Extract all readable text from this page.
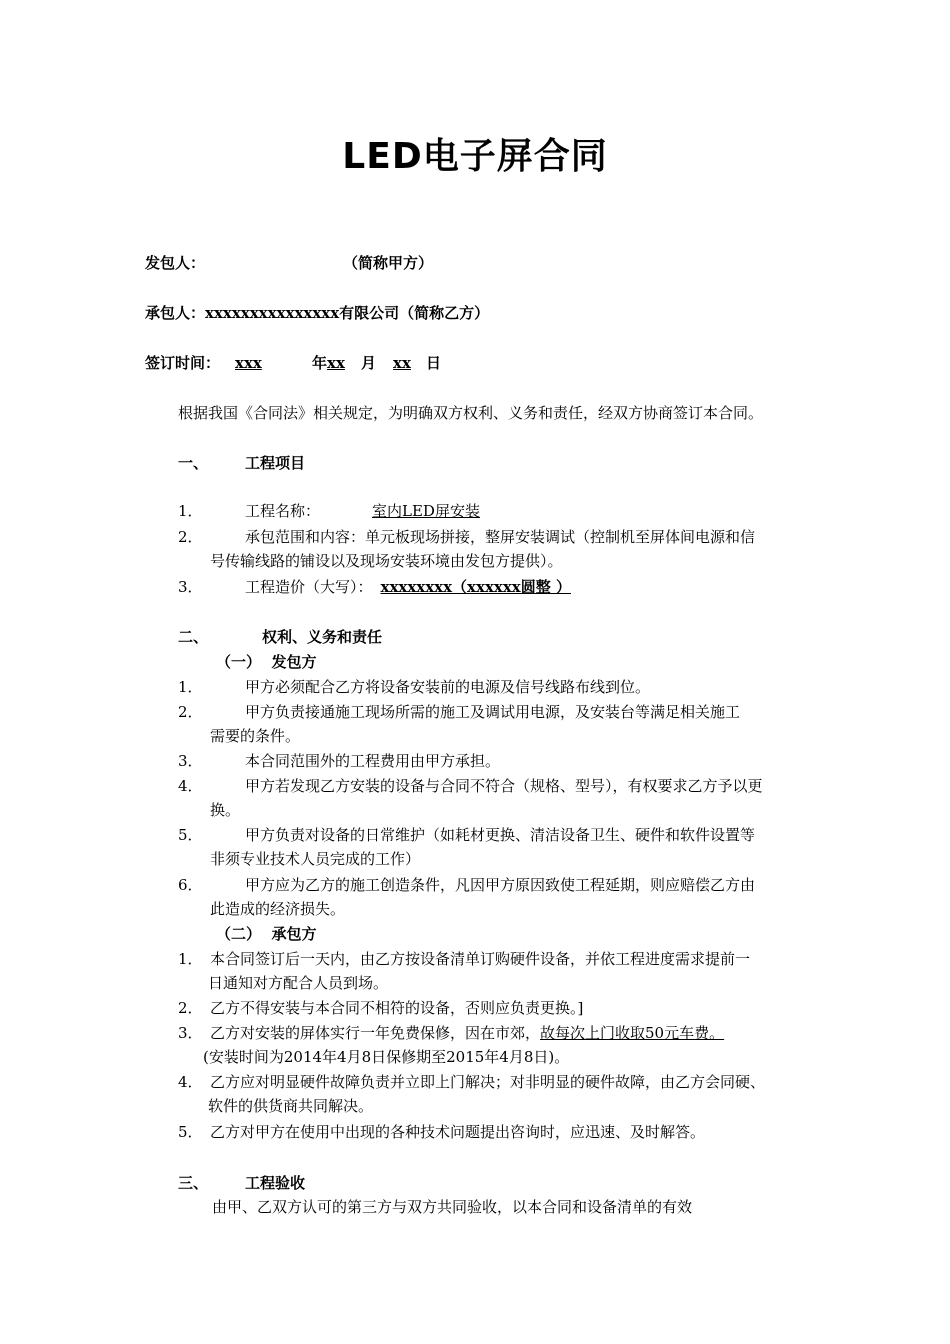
LED电子屏合同
发包人：	（简称甲方）
承包人：xxxxxxxxxxxxxxx有限公司（简称乙方）
签订时间： xxx	年xx 月 xx 日
根据我国《合同法》相关规定，为明确双方权利、义务和责任，经双方协商签订本合同。
一、 工程项目
1．	工程名称：	室内LED屏安装
2．	承包范围和内容：单元板现场拼接，整屏安装调试（控制机至屏体间电源和信
号传输线路的铺设以及现场安装环境由发包方提供）。
3．	工程造价（大写）： xxxxxxxx（xxxxxx圆整 ）
二、	权利、义务和责任
（一）  发包方
1．	甲方必须配合乙方将设备安装前的电源及信号线路布线到位。
2．	甲方负责接通施工现场所需的施工及调试用电源，及安装台等满足相关施工
需要的条件。
3．	本合同范围外的工程费用由甲方承担。
4．	甲方若发现乙方安装的设备与合同不符合（规格、型号），有权要求乙方予以更
换。
5．	甲方负责对设备的日常维护（如耗材更换、清洁设备卫生、硬件和软件设置等
非须专业技术人员完成的工作）
6．	甲方应为乙方的施工创造条件，凡因甲方原因致使工程延期，则应赔偿乙方由
此造成的经济损失。
（二）  承包方
1． 本合同签订后一天内，由乙方按设备清单订购硬件设备，并依工程进度需求提前一
日通知对方配合人员到场。
2． 乙方不得安装与本合同不相符的设备，否则应负责更换。]
3． 乙方对安装的屏体实行一年免费保修，因在市郊，故每次上门收取50元车费。
(安装时间为2014年4月8日保修期至2015年4月8日)。
4． 乙方应对明显硬件故障负责并立即上门解决；对非明显的硬件故障，由乙方会同硬、
软件的供货商共同解决。
5． 乙方对甲方在使用中出现的各种技术问题提出咨询时，应迅速、及时解答。
三、 工程验收
由甲、乙双方认可的第三方与双方共同验收，以本合同和设备清单的有效
